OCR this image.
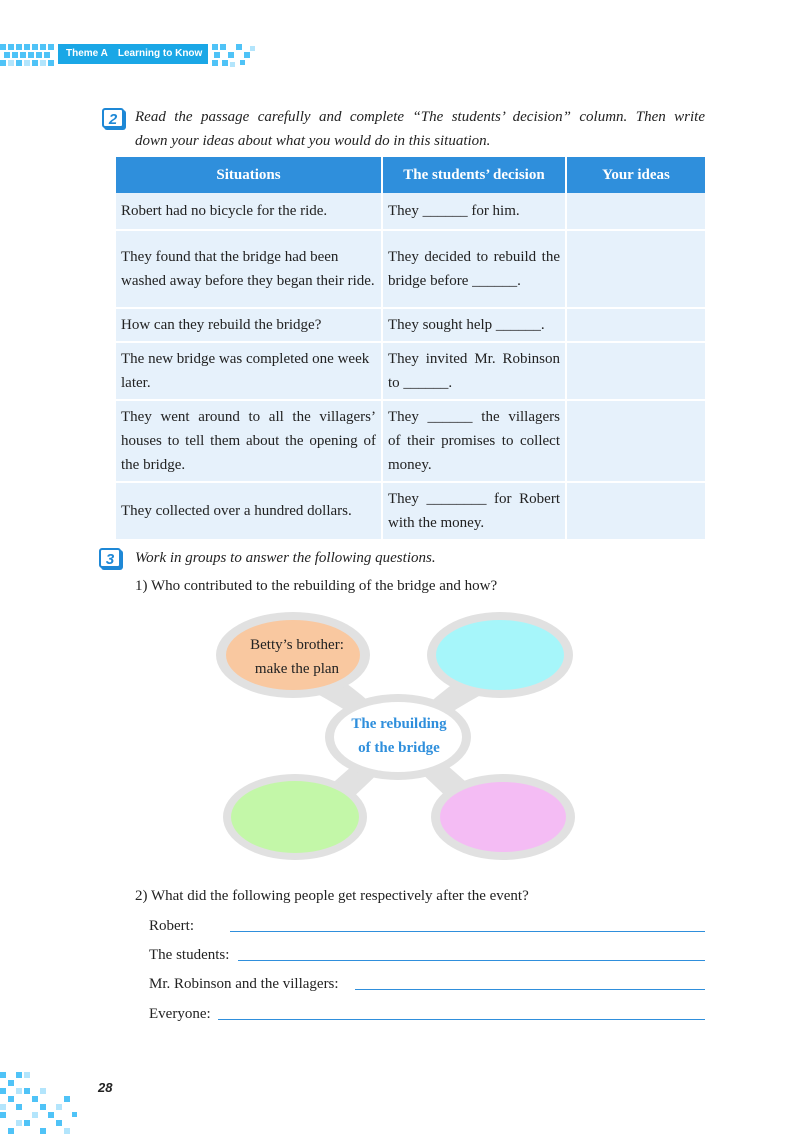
Theme A Learning to Know
2	Read the passage carefully and complete “The students’ decision” column. Then write
down your ideas about what you would do in this situation.
Situations	The students’ decision	Your ideas
Robert had no bicycle for the ride.	They ______ for him.	
They found that the bridge had been washed away before they began their ride.	They decided to rebuild the bridge before ______.	
How can they rebuild the bridge?	They sought help ______.	
The new bridge was completed one week later.	They invited Mr. Robinson to ______.	
They went around to all the villagers’ houses to tell them about the opening of the bridge.	They ______ the villagers of their promises to collect money.	
They collected over a hundred dollars.	They ________ for Robert with the money.	
3	Work in groups to answer the following questions.
1) Who contributed to the rebuilding of the bridge and how?
Betty’s brother:
make the plan
The rebuilding
of the bridge
2) What did the following people get respectively after the event?
Robert:
The students:
Mr. Robinson and the villagers:
Everyone:
28
